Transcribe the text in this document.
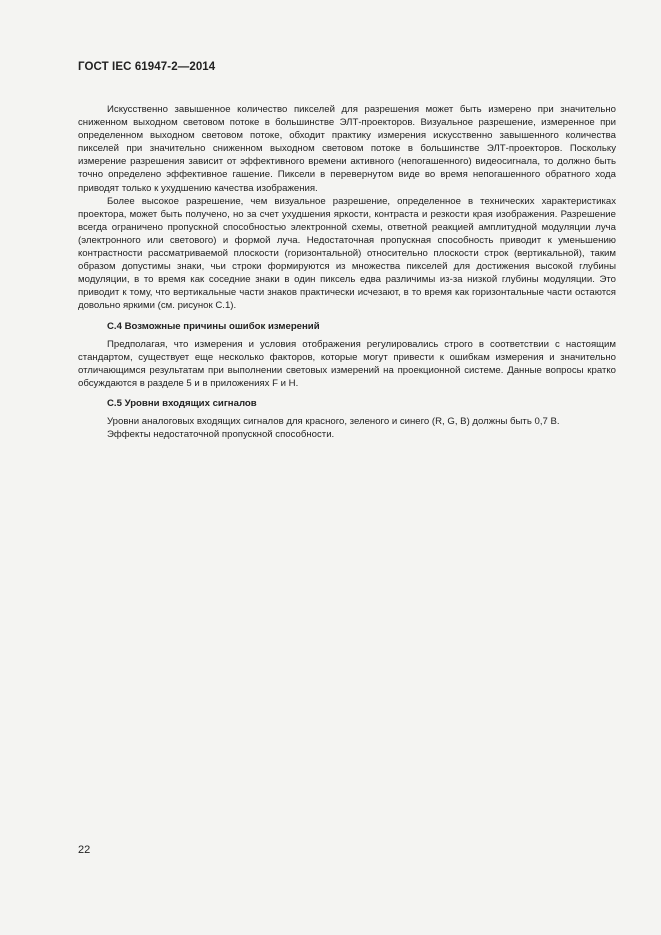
ГОСТ IEC 61947-2—2014

Искусственно завышенное количество пикселей для разрешения может быть измерено при значительно сниженном выходном световом потоке в большинстве ЭЛТ-проекторов. Визуальное разрешение, измеренное при определенном выходном световом потоке, обходит практику измерения искусственно завышенного количества пикселей при значительно сниженном выходном световом потоке в большинстве ЭЛТ-проекторов. Поскольку измерение разрешения зависит от эффективного времени активного (непогашенного) видеосигнала, то должно быть точно определено эффективное гашение. Пиксели в перевернутом виде во время непогашенного обратного хода приводят только к ухудшению качества изображения.

Более высокое разрешение, чем визуальное разрешение, определенное в технических характеристиках проектора, может быть получено, но за счет ухудшения яркости, контраста и резкости края изображения. Разрешение всегда ограничено пропускной способностью электронной схемы, ответной реакцией амплитудной модуляции луча (электронного или светового) и формой луча. Недостаточная пропускная способность приводит к уменьшению контрастности рассматриваемой плоскости (горизонтальной) относительно плоскости строк (вертикальной), таким образом допустимы знаки, чьи строки формируются из множества пикселей для достижения высокой глубины модуляции, в то время как соседние знаки в один пиксель едва различимы из-за низкой глубины модуляции. Это приводит к тому, что вертикальные части знаков практически исчезают, в то время как горизонтальные части остаются довольно яркими (см. рисунок С.1).

С.4 Возможные причины ошибок измерений

Предполагая, что измерения и условия отображения регулировались строго в соответствии с настоящим стандартом, существует еще несколько факторов, которые могут привести к ошибкам измерения и значительно отличающимся результатам при выполнении световых измерений на проекционной системе. Данные вопросы кратко обсуждаются в разделе 5 и в приложениях F и H.

С.5 Уровни входящих сигналов

Уровни аналоговых входящих сигналов для красного, зеленого и синего (R, G, B) должны быть 0,7 В.

Эффекты недостаточной пропускной способности.

22
